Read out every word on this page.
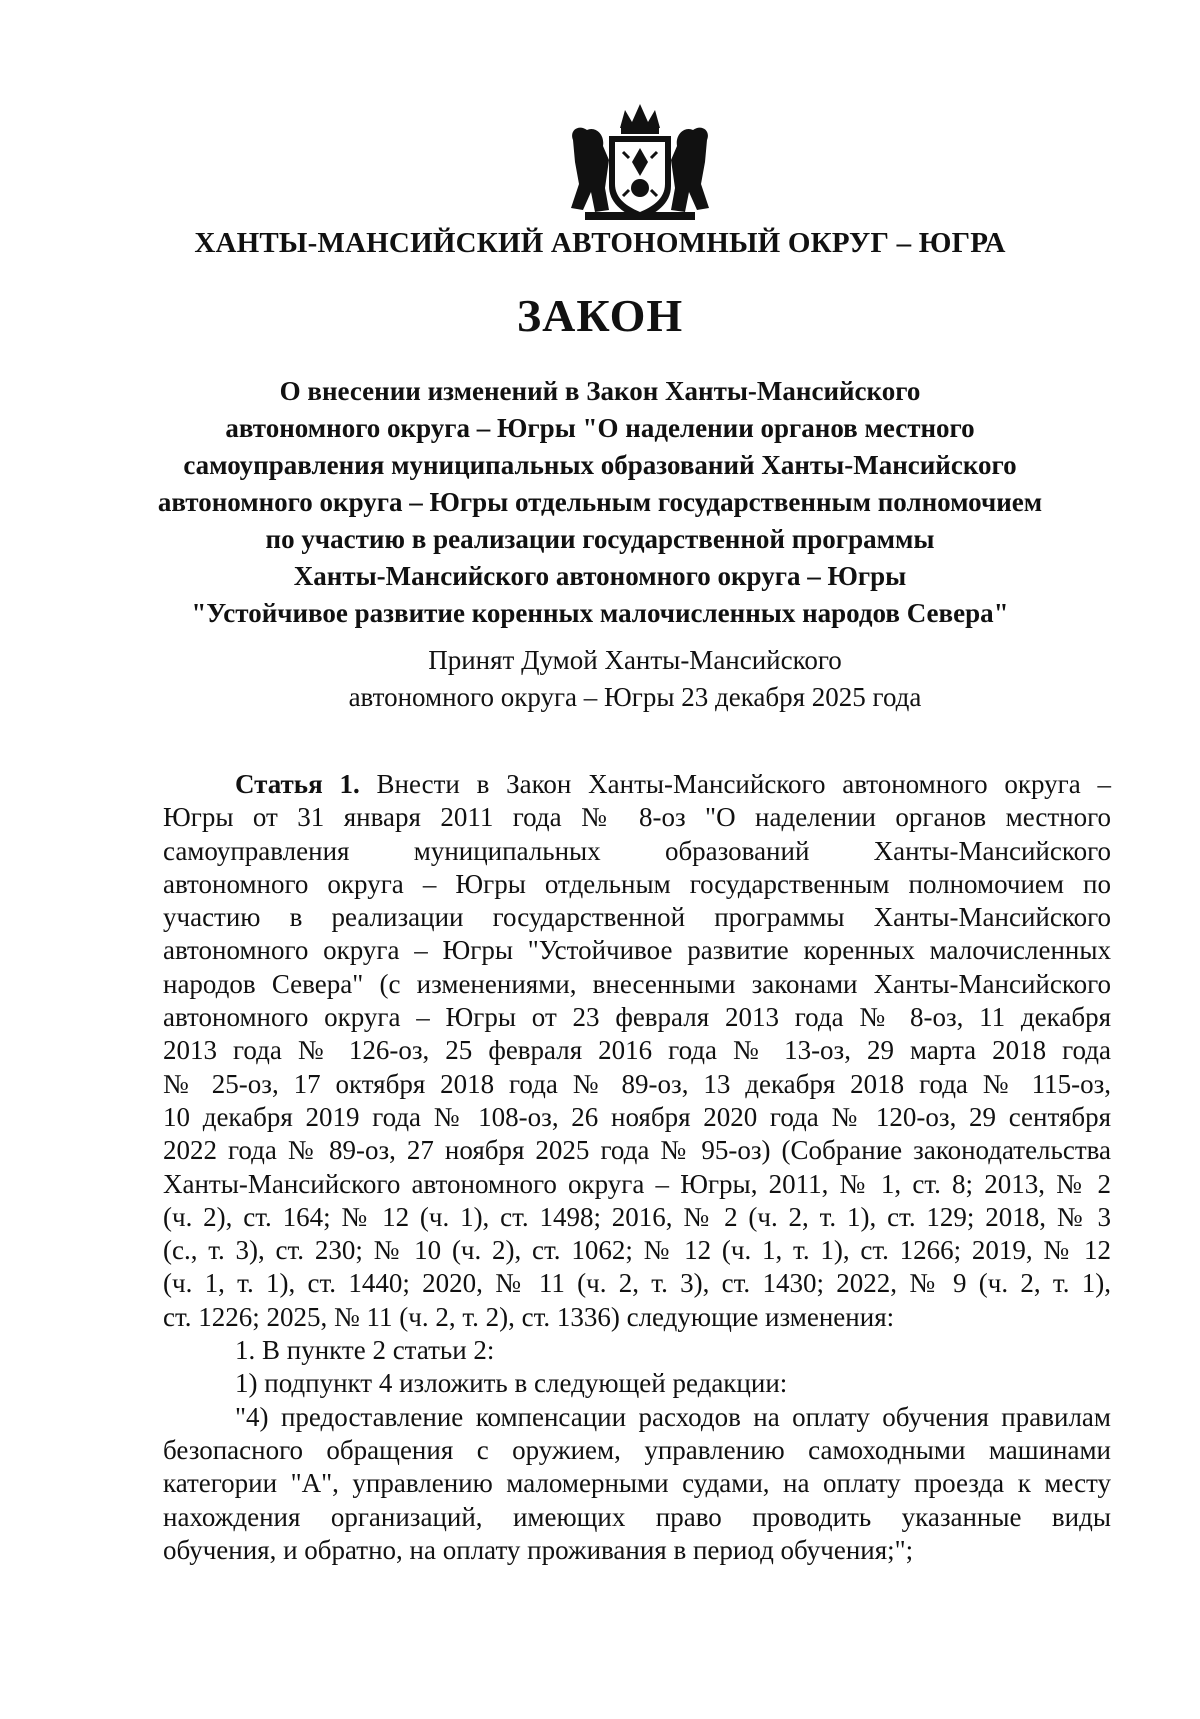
ХАНТЫ-МАНСИЙСКИЙ АВТОНОМНЫЙ ОКРУГ – ЮГРА
ЗАКОН
О внесении изменений в Закон Ханты-Мансийского
автономного округа – Югры "О наделении органов местного
самоуправления муниципальных образований Ханты-Мансийского
автономного округа – Югры отдельным государственным полномочием
по участию в реализации государственной программы
Ханты-Мансийского автономного округа – Югры
"Устойчивое развитие коренных малочисленных народов Севера"
Принят Думой Ханты-Мансийского
автономного округа – Югры 23 декабря 2025 года
Статья 1. Внести в Закон Ханты-Мансийского автономного округа –
Югры от 31 января 2011 года № 8-оз "О наделении органов местного
самоуправления муниципальных образований Ханты-Мансийского
автономного округа – Югры отдельным государственным полномочием по
участию в реализации государственной программы Ханты-Мансийского
автономного округа – Югры "Устойчивое развитие коренных малочисленных
народов Севера" (с изменениями, внесенными законами Ханты-Мансийского
автономного округа – Югры от 23 февраля 2013 года № 8-оз, 11 декабря
2013 года № 126-оз, 25 февраля 2016 года № 13-оз, 29 марта 2018 года
№ 25-оз, 17 октября 2018 года № 89-оз, 13 декабря 2018 года № 115-оз,
10 декабря 2019 года № 108-оз, 26 ноября 2020 года № 120-оз, 29 сентября
2022 года № 89-оз, 27 ноября 2025 года № 95-оз) (Собрание законодательства
Ханты-Мансийского автономного округа – Югры, 2011, № 1, ст. 8; 2013, № 2
(ч. 2), ст. 164; № 12 (ч. 1), ст. 1498; 2016, № 2 (ч. 2, т. 1), ст. 129; 2018, № 3
(с., т. 3), ст. 230; № 10 (ч. 2), ст. 1062; № 12 (ч. 1, т. 1), ст. 1266; 2019, № 12
(ч. 1, т. 1), ст. 1440; 2020, № 11 (ч. 2, т. 3), ст. 1430; 2022, № 9 (ч. 2, т. 1),
ст. 1226; 2025, № 11 (ч. 2, т. 2), ст. 1336) следующие изменения:
1. В пункте 2 статьи 2:
1) подпункт 4 изложить в следующей редакции:
"4) предоставление компенсации расходов на оплату обучения правилам
безопасного обращения с оружием, управлению самоходными машинами
категории "А", управлению маломерными судами, на оплату проезда к месту
нахождения организаций, имеющих право проводить указанные виды
обучения, и обратно, на оплату проживания в период обучения;";
